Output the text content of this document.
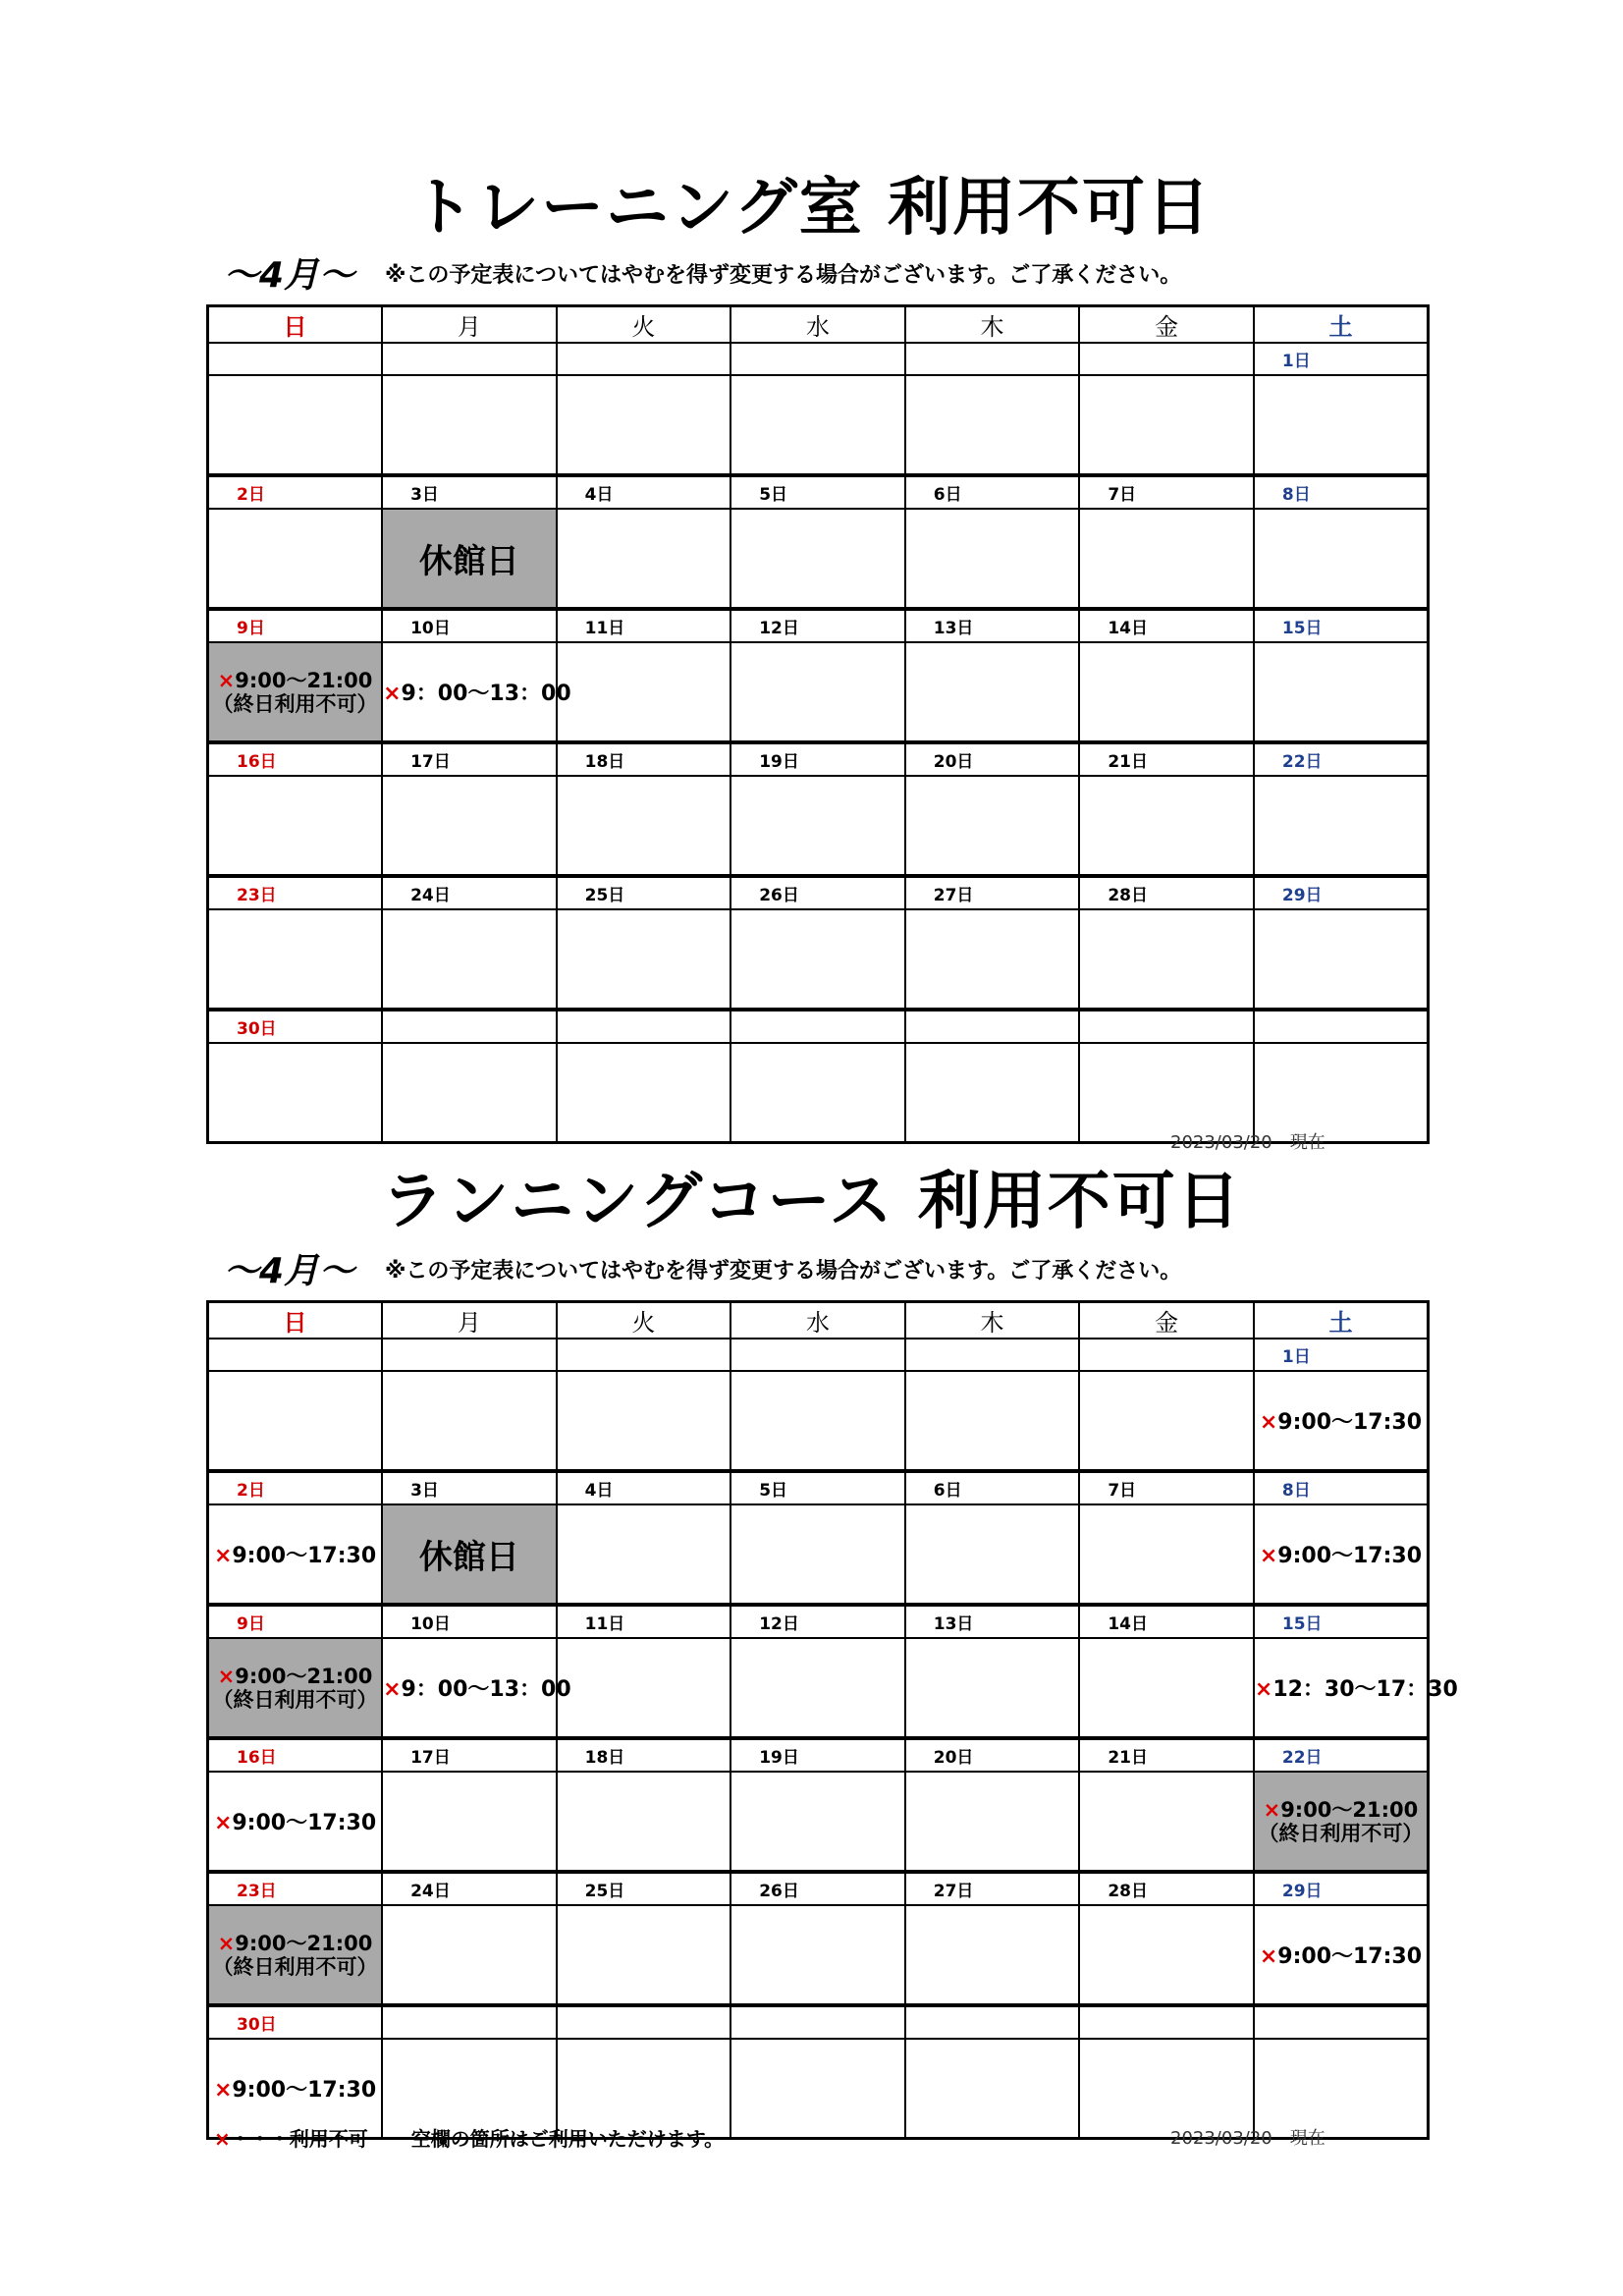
トレーニング室 利用不可日
〜4月〜 ※この予定表についてはやむを得ず変更する場合がございます。ご了承ください。
日	月	火	水	木	金	土
						1日

2日	3日	4日	5日	6日	7日	8日
	休館日					
9日	10日	11日	12日	13日	14日	15日

×9:00〜21:00
（終日利用不可）	×9：00〜13：00					

16日	17日	18日	19日	20日	21日	22日

23日	24日	25日	26日	27日	28日	29日

30日						

2023/03/20　現在
ランニングコース 利用不可日
〜4月〜 ※この予定表についてはやむを得ず変更する場合がございます。ご了承ください。
日	月	火	水	木	金	土
						1日

						×9:00〜17:30

2日	3日	4日	5日	6日	7日	8日

×9:00〜17:30	休館日					×9:00〜17:30

9日	10日	11日	12日	13日	14日	15日

×9:00〜21:00
（終日利用不可）	×9：00〜13：00					×12：30〜17：30

16日	17日	18日	19日	20日	21日	22日

×9:00〜17:30						×9:00〜21:00
（終日利用不可）

23日	24日	25日	26日	27日	28日	29日

×9:00〜21:00
（終日利用不可）						×9:00〜17:30

30日						

×9:00〜17:30						

2023/03/20　現在
×・・・利用不可 空欄の箇所はご利用いただけます。
